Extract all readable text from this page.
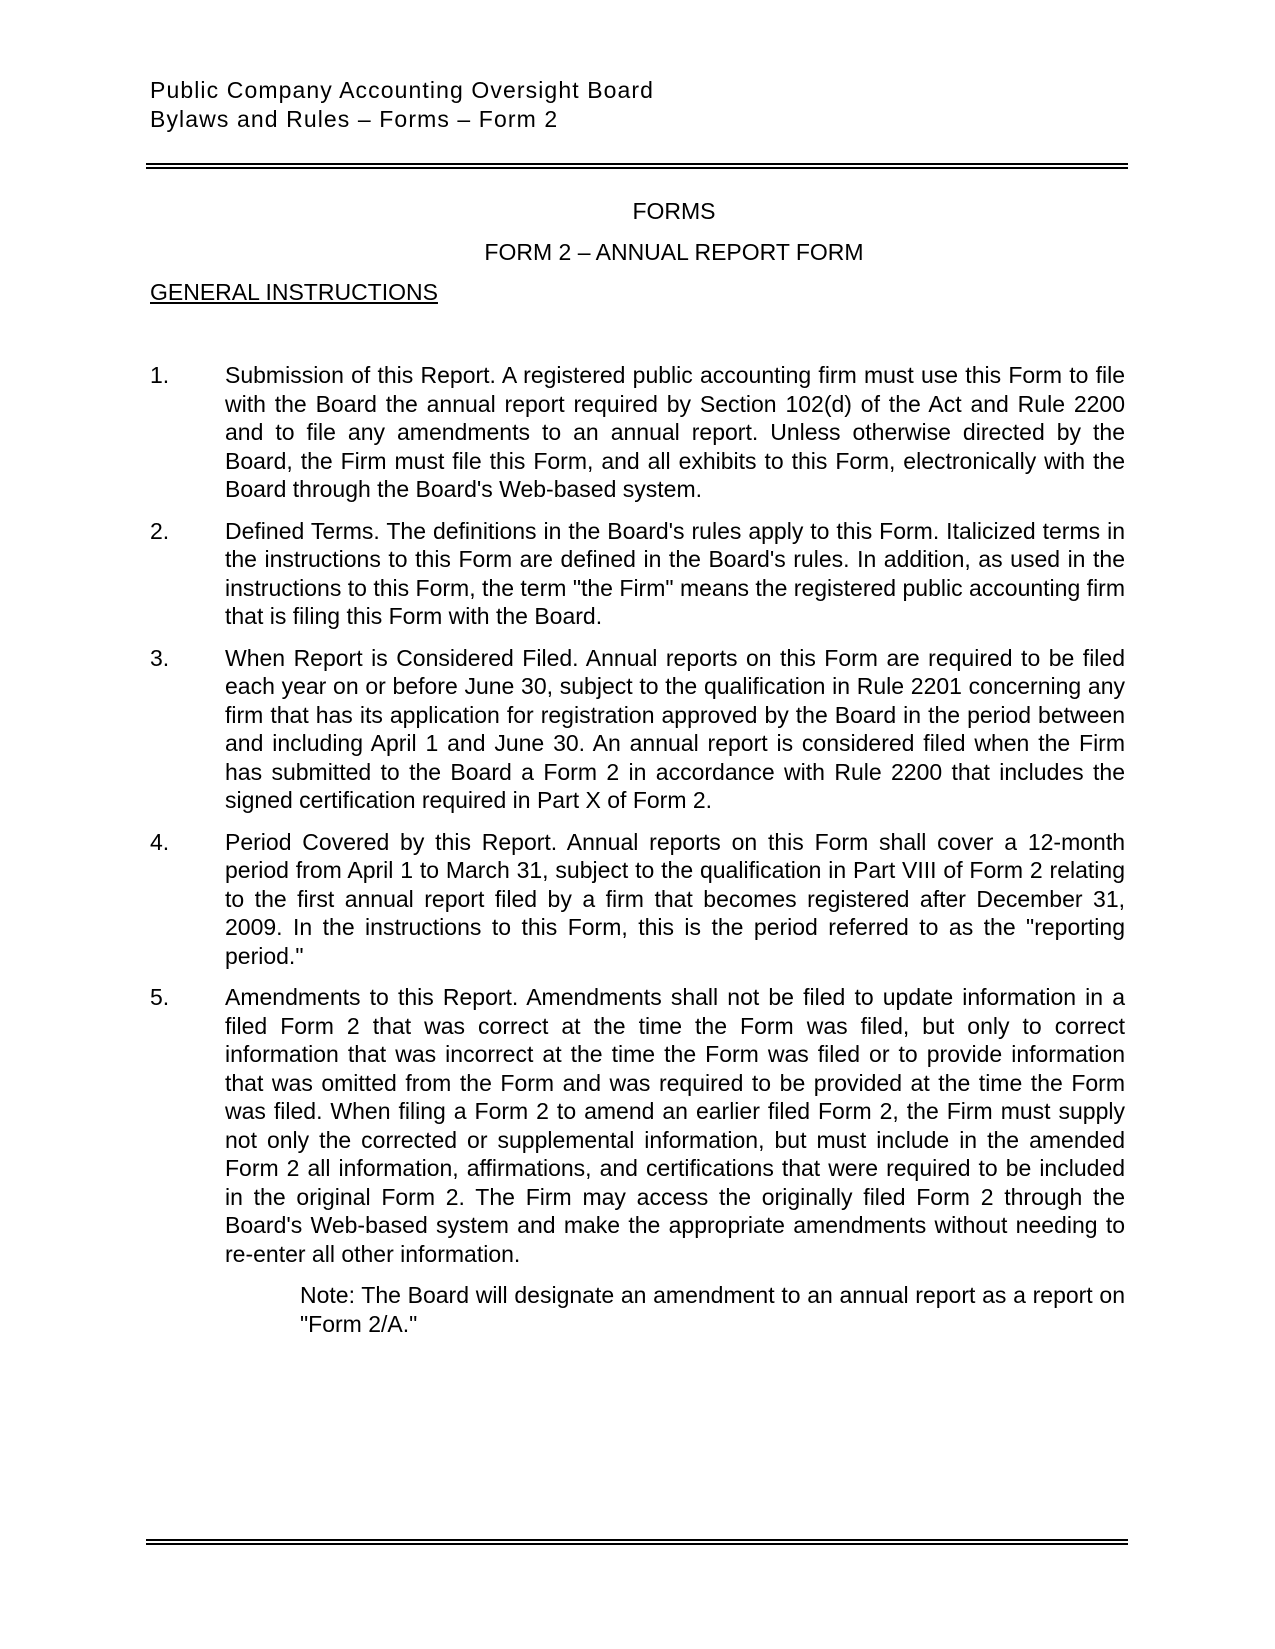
Public Company Accounting Oversight Board
Bylaws and Rules – Forms – Form 2
FORMS
FORM 2 – ANNUAL REPORT FORM
GENERAL INSTRUCTIONS
1.	Submission of this Report. A registered public accounting firm must use this Form to file with the Board the annual report required by Section 102(d) of the Act and Rule 2200 and to file any amendments to an annual report. Unless otherwise directed by the Board, the Firm must file this Form, and all exhibits to this Form, electronically with the Board through the Board's Web-based system.
2.	Defined Terms. The definitions in the Board's rules apply to this Form. Italicized terms in the instructions to this Form are defined in the Board's rules. In addition, as used in the instructions to this Form, the term "the Firm" means the registered public accounting firm that is filing this Form with the Board.
3.	When Report is Considered Filed. Annual reports on this Form are required to be filed each year on or before June 30, subject to the qualification in Rule 2201 concerning any firm that has its application for registration approved by the Board in the period between and including April 1 and June 30. An annual report is considered filed when the Firm has submitted to the Board a Form 2 in accordance with Rule 2200 that includes the signed certification required in Part X of Form 2.
4.	Period Covered by this Report. Annual reports on this Form shall cover a 12-month period from April 1 to March 31, subject to the qualification in Part VIII of Form 2 relating to the first annual report filed by a firm that becomes registered after December 31, 2009. In the instructions to this Form, this is the period referred to as the "reporting period."
5.	Amendments to this Report. Amendments shall not be filed to update information in a filed Form 2 that was correct at the time the Form was filed, but only to correct information that was incorrect at the time the Form was filed or to provide information that was omitted from the Form and was required to be provided at the time the Form was filed. When filing a Form 2 to amend an earlier filed Form 2, the Firm must supply not only the corrected or supplemental information, but must include in the amended Form 2 all information, affirmations, and certifications that were required to be included in the original Form 2. The Firm may access the originally filed Form 2 through the Board's Web-based system and make the appropriate amendments without needing to re-enter all other information.
Note: The Board will designate an amendment to an annual report as a report on "Form 2/A."
